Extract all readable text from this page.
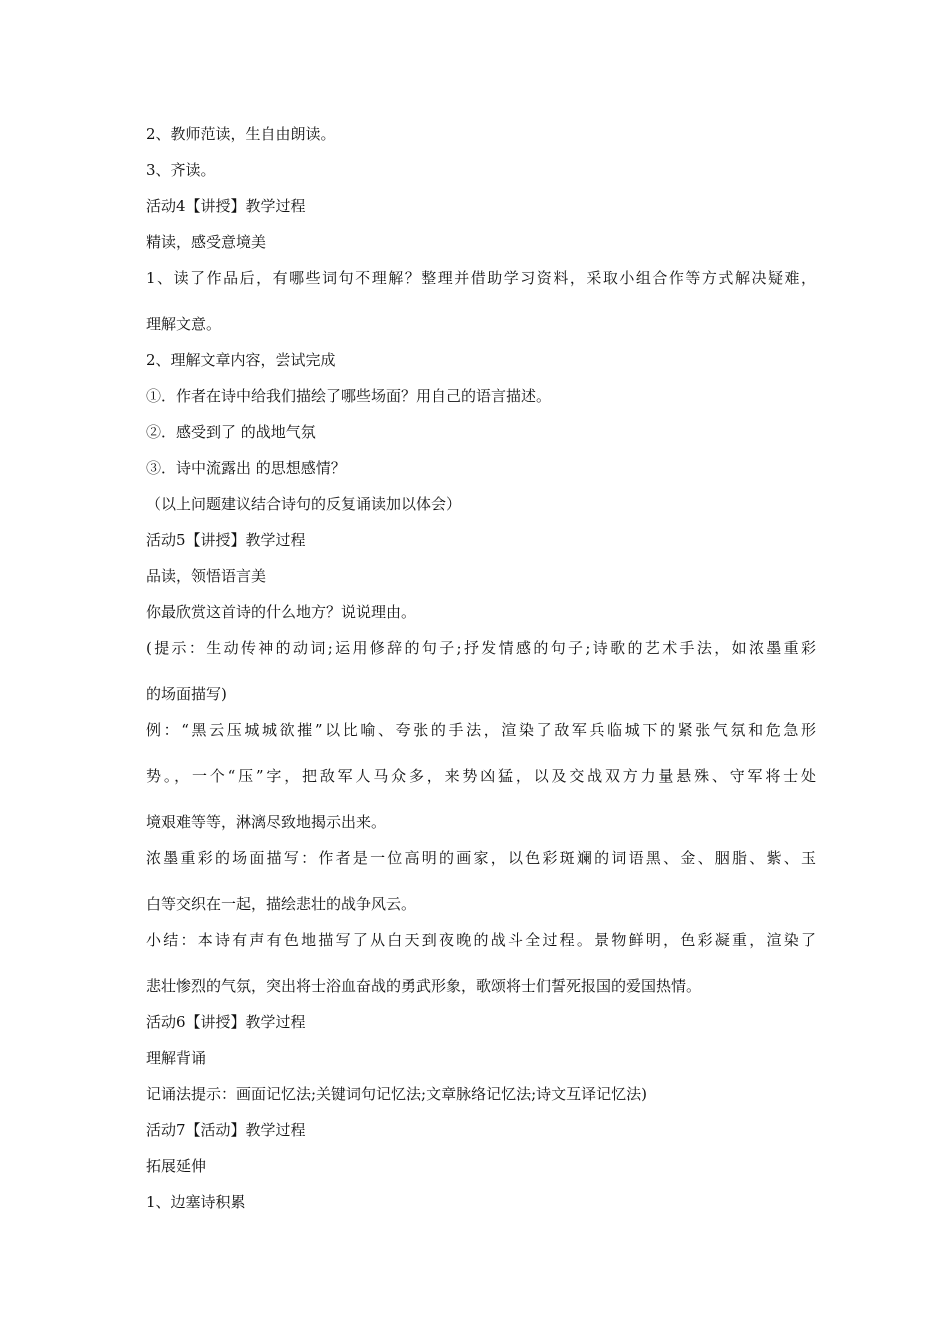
2、教师范读，生自由朗读。

3、齐读。

活动4【讲授】教学过程

精读，感受意境美

1、读了作品后，有哪些词句不理解？整理并借助学习资料，采取小组合作等方式解决疑难，

理解文意。

2、理解文章内容，尝试完成

①．作者在诗中给我们描绘了哪些场面？用自己的语言描述。

②．感受到了 的战地气氛

③．诗中流露出 的思想感情？

（以上问题建议结合诗句的反复诵读加以体会）

活动5【讲授】教学过程

品读，领悟语言美

你最欣赏这首诗的什么地方？说说理由。

(提示：生动传神的动词;运用修辞的句子;抒发情感的句子;诗歌的艺术手法，如浓墨重彩

的场面描写)

例：“黑云压城城欲摧”以比喻、夸张的手法，渲染了敌军兵临城下的紧张气氛和危急形

势。，一个“压”字，把敌军人马众多，来势凶猛，以及交战双方力量悬殊、守军将士处

境艰难等等，淋漓尽致地揭示出来。

浓墨重彩的场面描写：作者是一位高明的画家，以色彩斑斓的词语黑、金、胭脂、紫、玉

白等交织在一起，描绘悲壮的战争风云。

小结：本诗有声有色地描写了从白天到夜晚的战斗全过程。景物鲜明，色彩凝重，渲染了

悲壮惨烈的气氛，突出将士浴血奋战的勇武形象，歌颂将士们誓死报国的爱国热情。

活动6【讲授】教学过程

理解背诵

记诵法提示：画面记忆法;关键词句记忆法;文章脉络记忆法;诗文互译记忆法)

活动7【活动】教学过程

拓展延伸

1、边塞诗积累
